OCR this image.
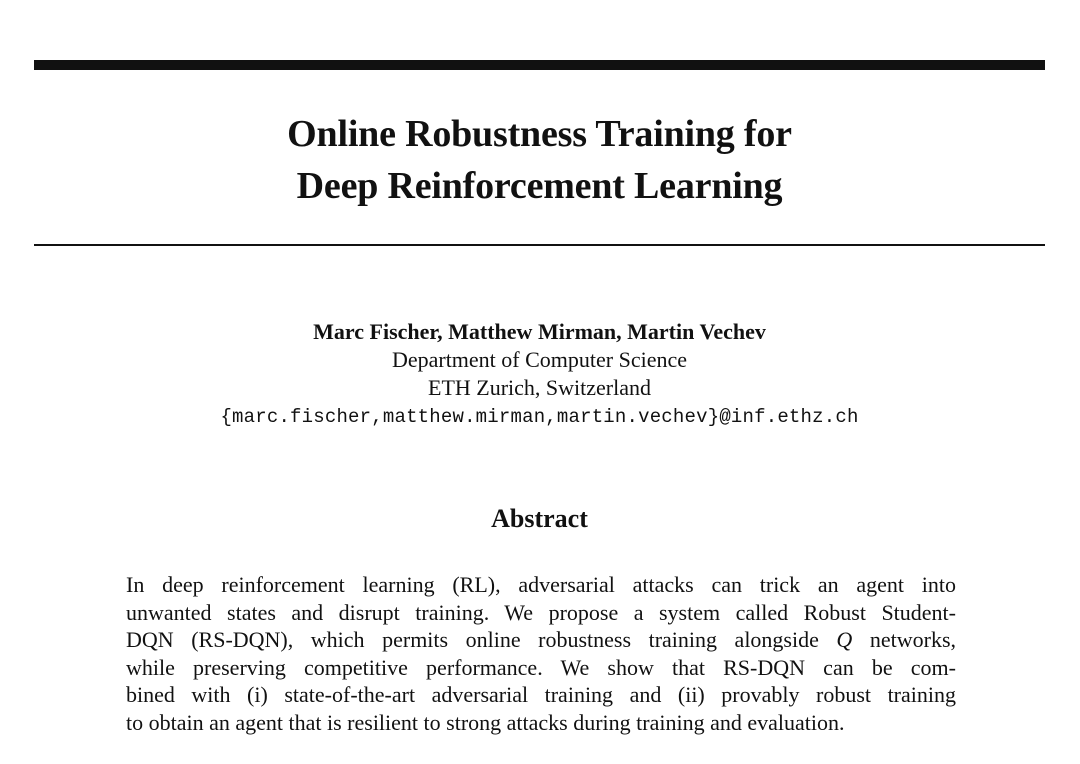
Online Robustness Training for
Deep Reinforcement Learning
Marc Fischer, Matthew Mirman, Martin Vechev
Department of Computer Science
ETH Zurich, Switzerland
{marc.fischer,matthew.mirman,martin.vechev}@inf.ethz.ch
Abstract
In deep reinforcement learning (RL), adversarial attacks can trick an agent into
unwanted states and disrupt training. We propose a system called Robust Student-
DQN (RS-DQN), which permits online robustness training alongside Q networks,
while preserving competitive performance. We show that RS-DQN can be com-
bined with (i) state-of-the-art adversarial training and (ii) provably robust training
to obtain an agent that is resilient to strong attacks during training and evaluation.
